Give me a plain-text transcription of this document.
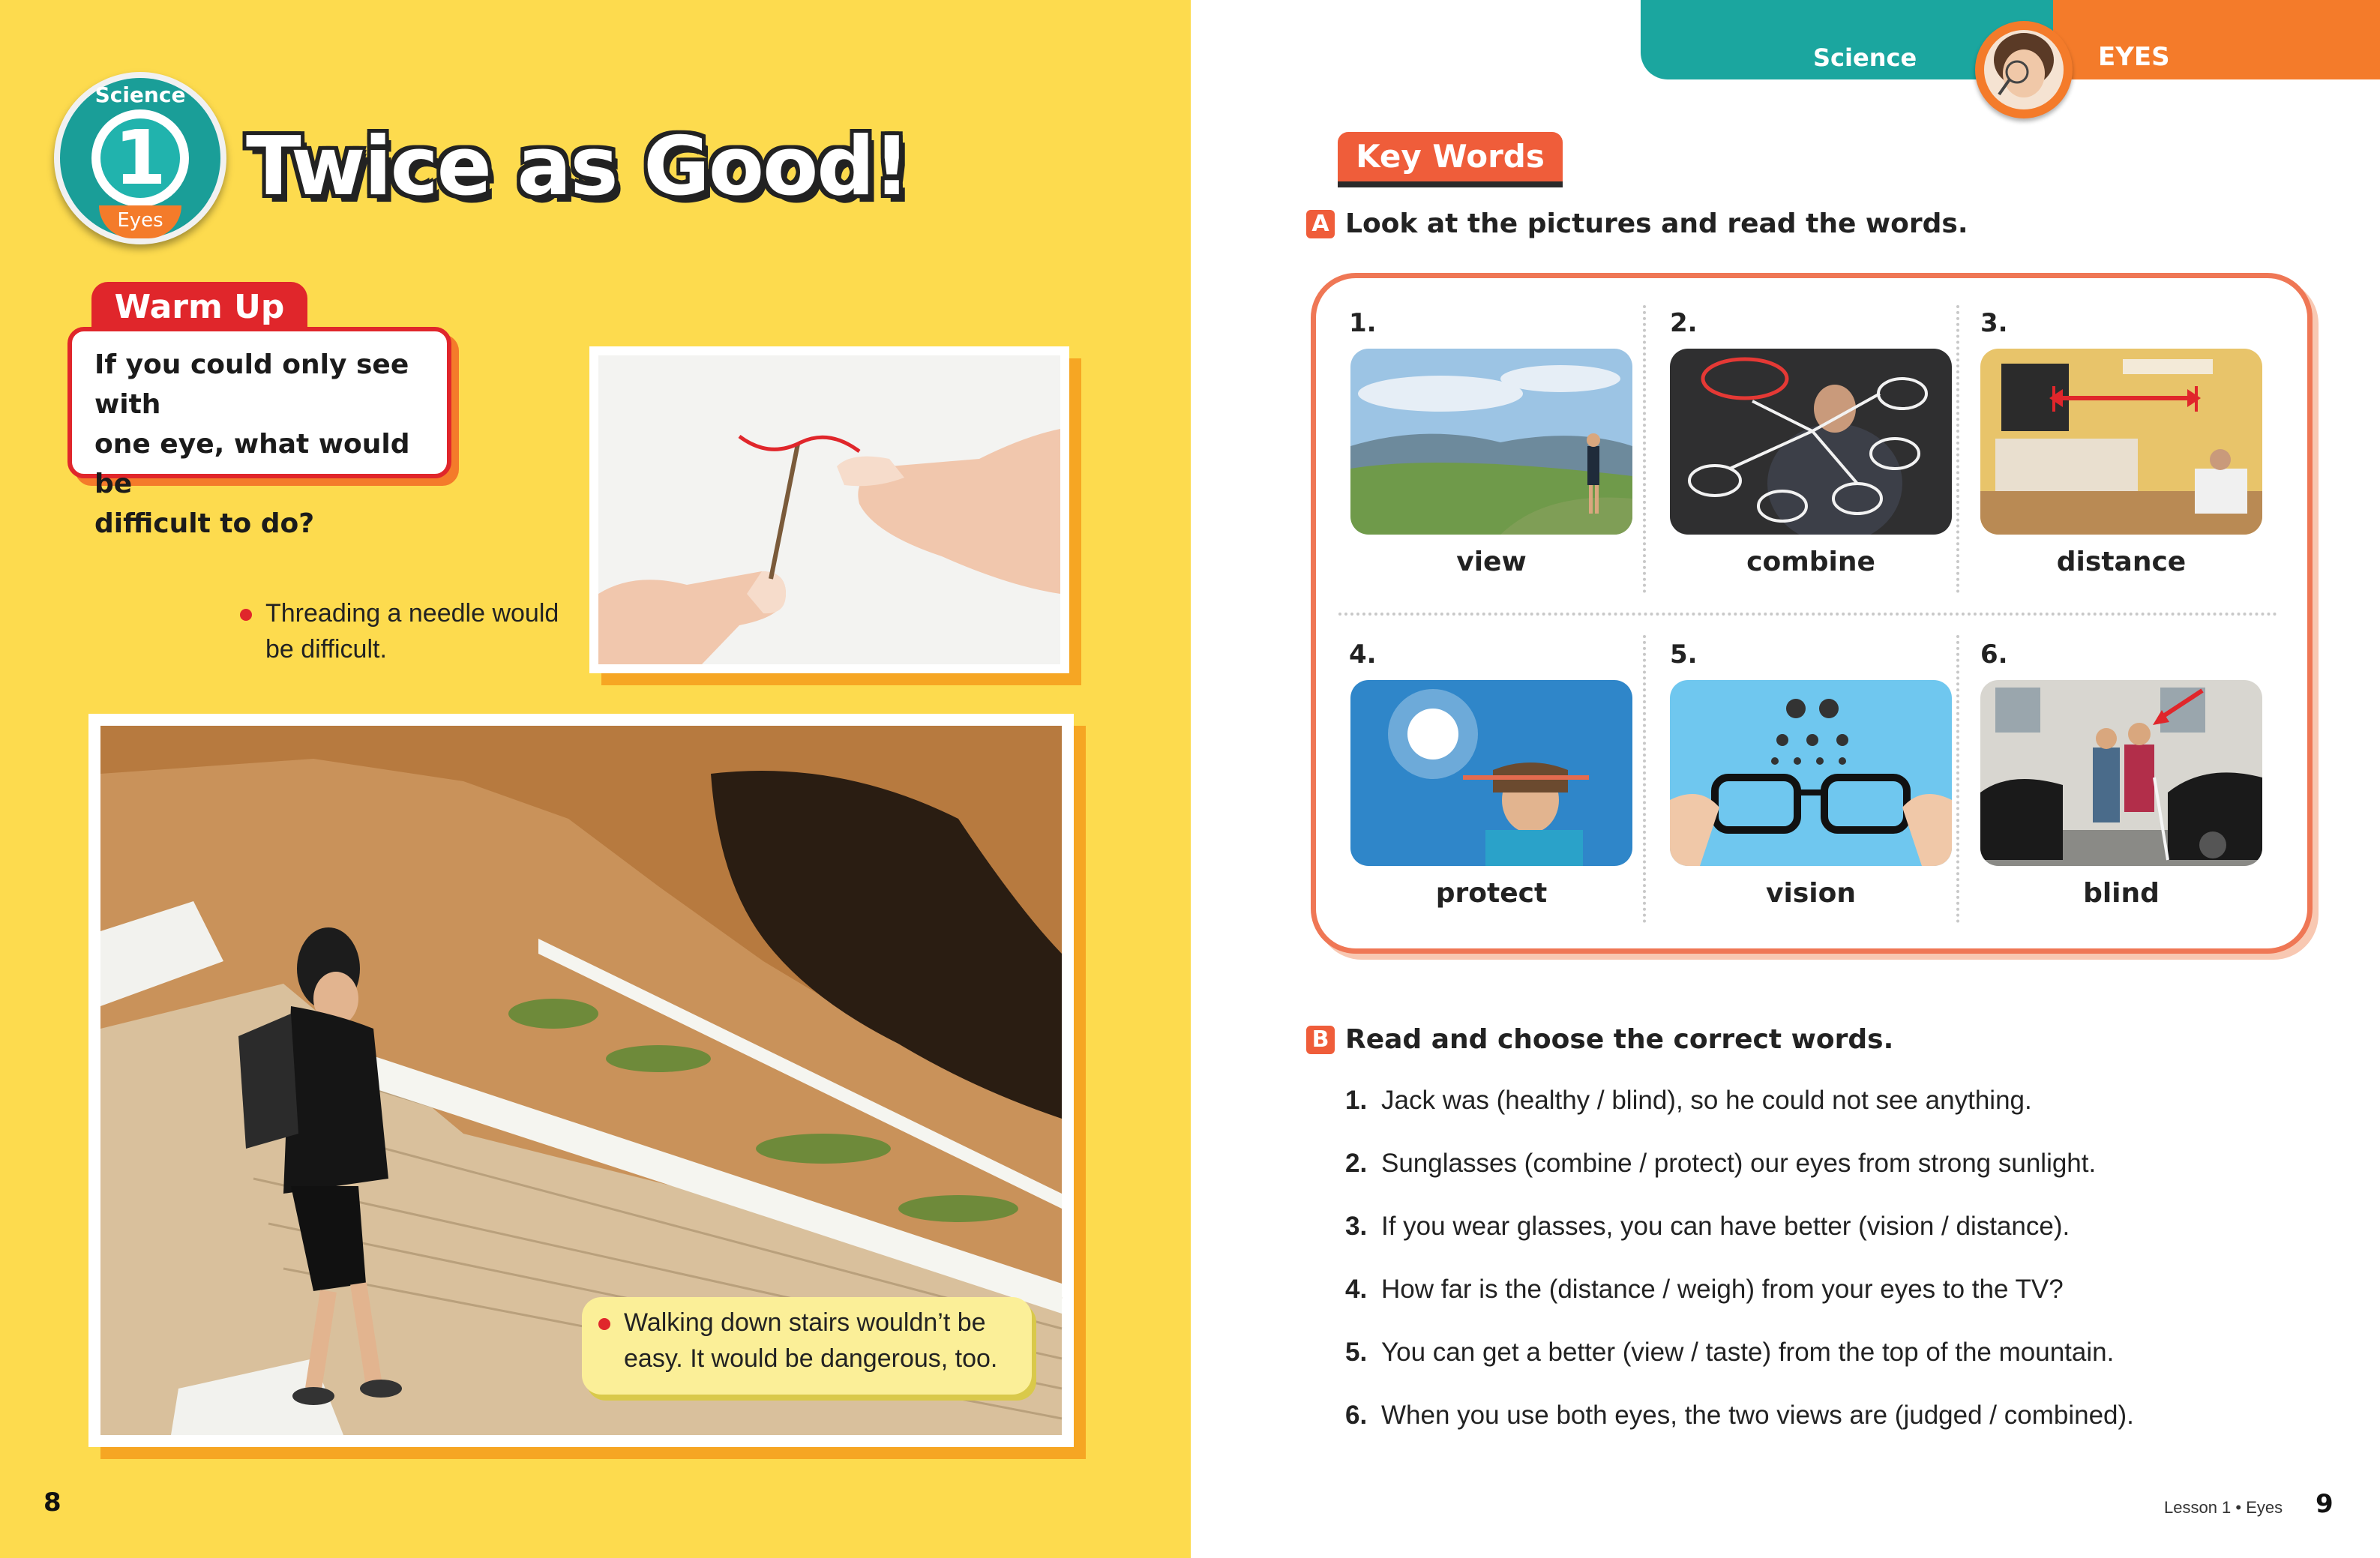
1
Science
Eyes
Twice as Good!
Warm Up
If you could only see with
one eye, what would be
difficult to do?
Threading a needle would
be difficult.
Walking down stairs wouldn’t be
easy. It would be dangerous, too.
8
Science	EYES
Key Words
A Look at the pictures and read the words.
1.
view
2.
combine
3.
distance
4.
protect
5.
vision
6.
blind
B Read and choose the correct words.
1. Jack was (healthy / blind), so he could not see anything.
2. Sunglasses (combine / protect) our eyes from strong sunlight.
3. If you wear glasses, you can have better (vision / distance).
4. How far is the (distance / weigh) from your eyes to the TV?
5. You can get a better (view / taste) from the top of the mountain.
6. When you use both eyes, the two views are (judged / combined).
Lesson 1 • Eyes 9
